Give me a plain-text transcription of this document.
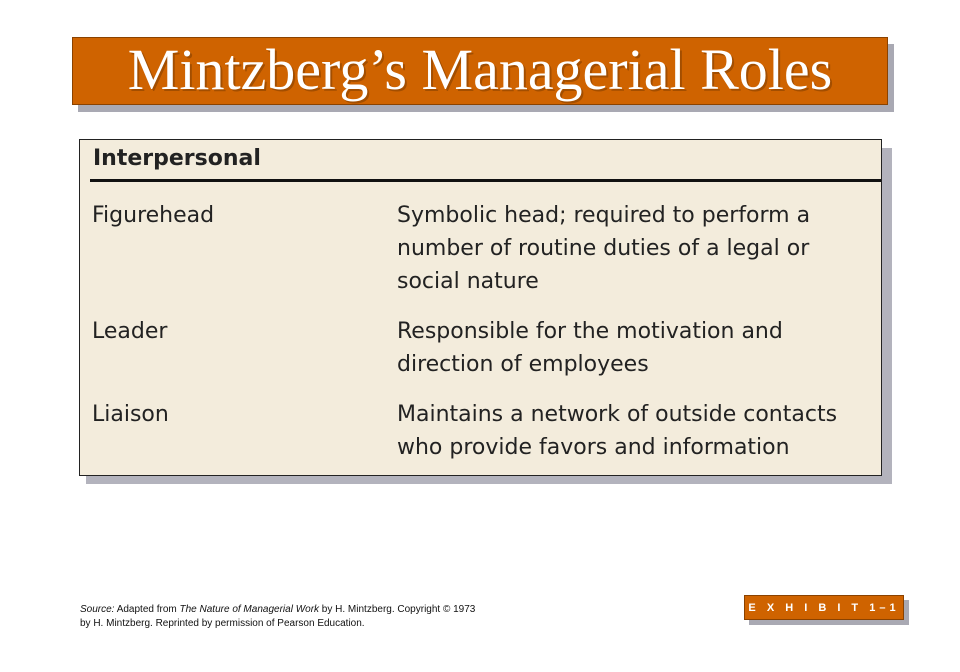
Mintzberg’s Managerial Roles
Interpersonal
Figurehead	Symbolic head; required to perform a
number of routine duties of a legal or
social nature
Leader	Responsible for the motivation and
direction of employees
Liaison	Maintains a network of outside contacts
who provide favors and information
Source: Adapted from The Nature of Managerial Work by H. Mintzberg. Copyright © 1973
by H. Mintzberg. Reprinted by permission of Pearson Education.
E X H I B I T 1–1
